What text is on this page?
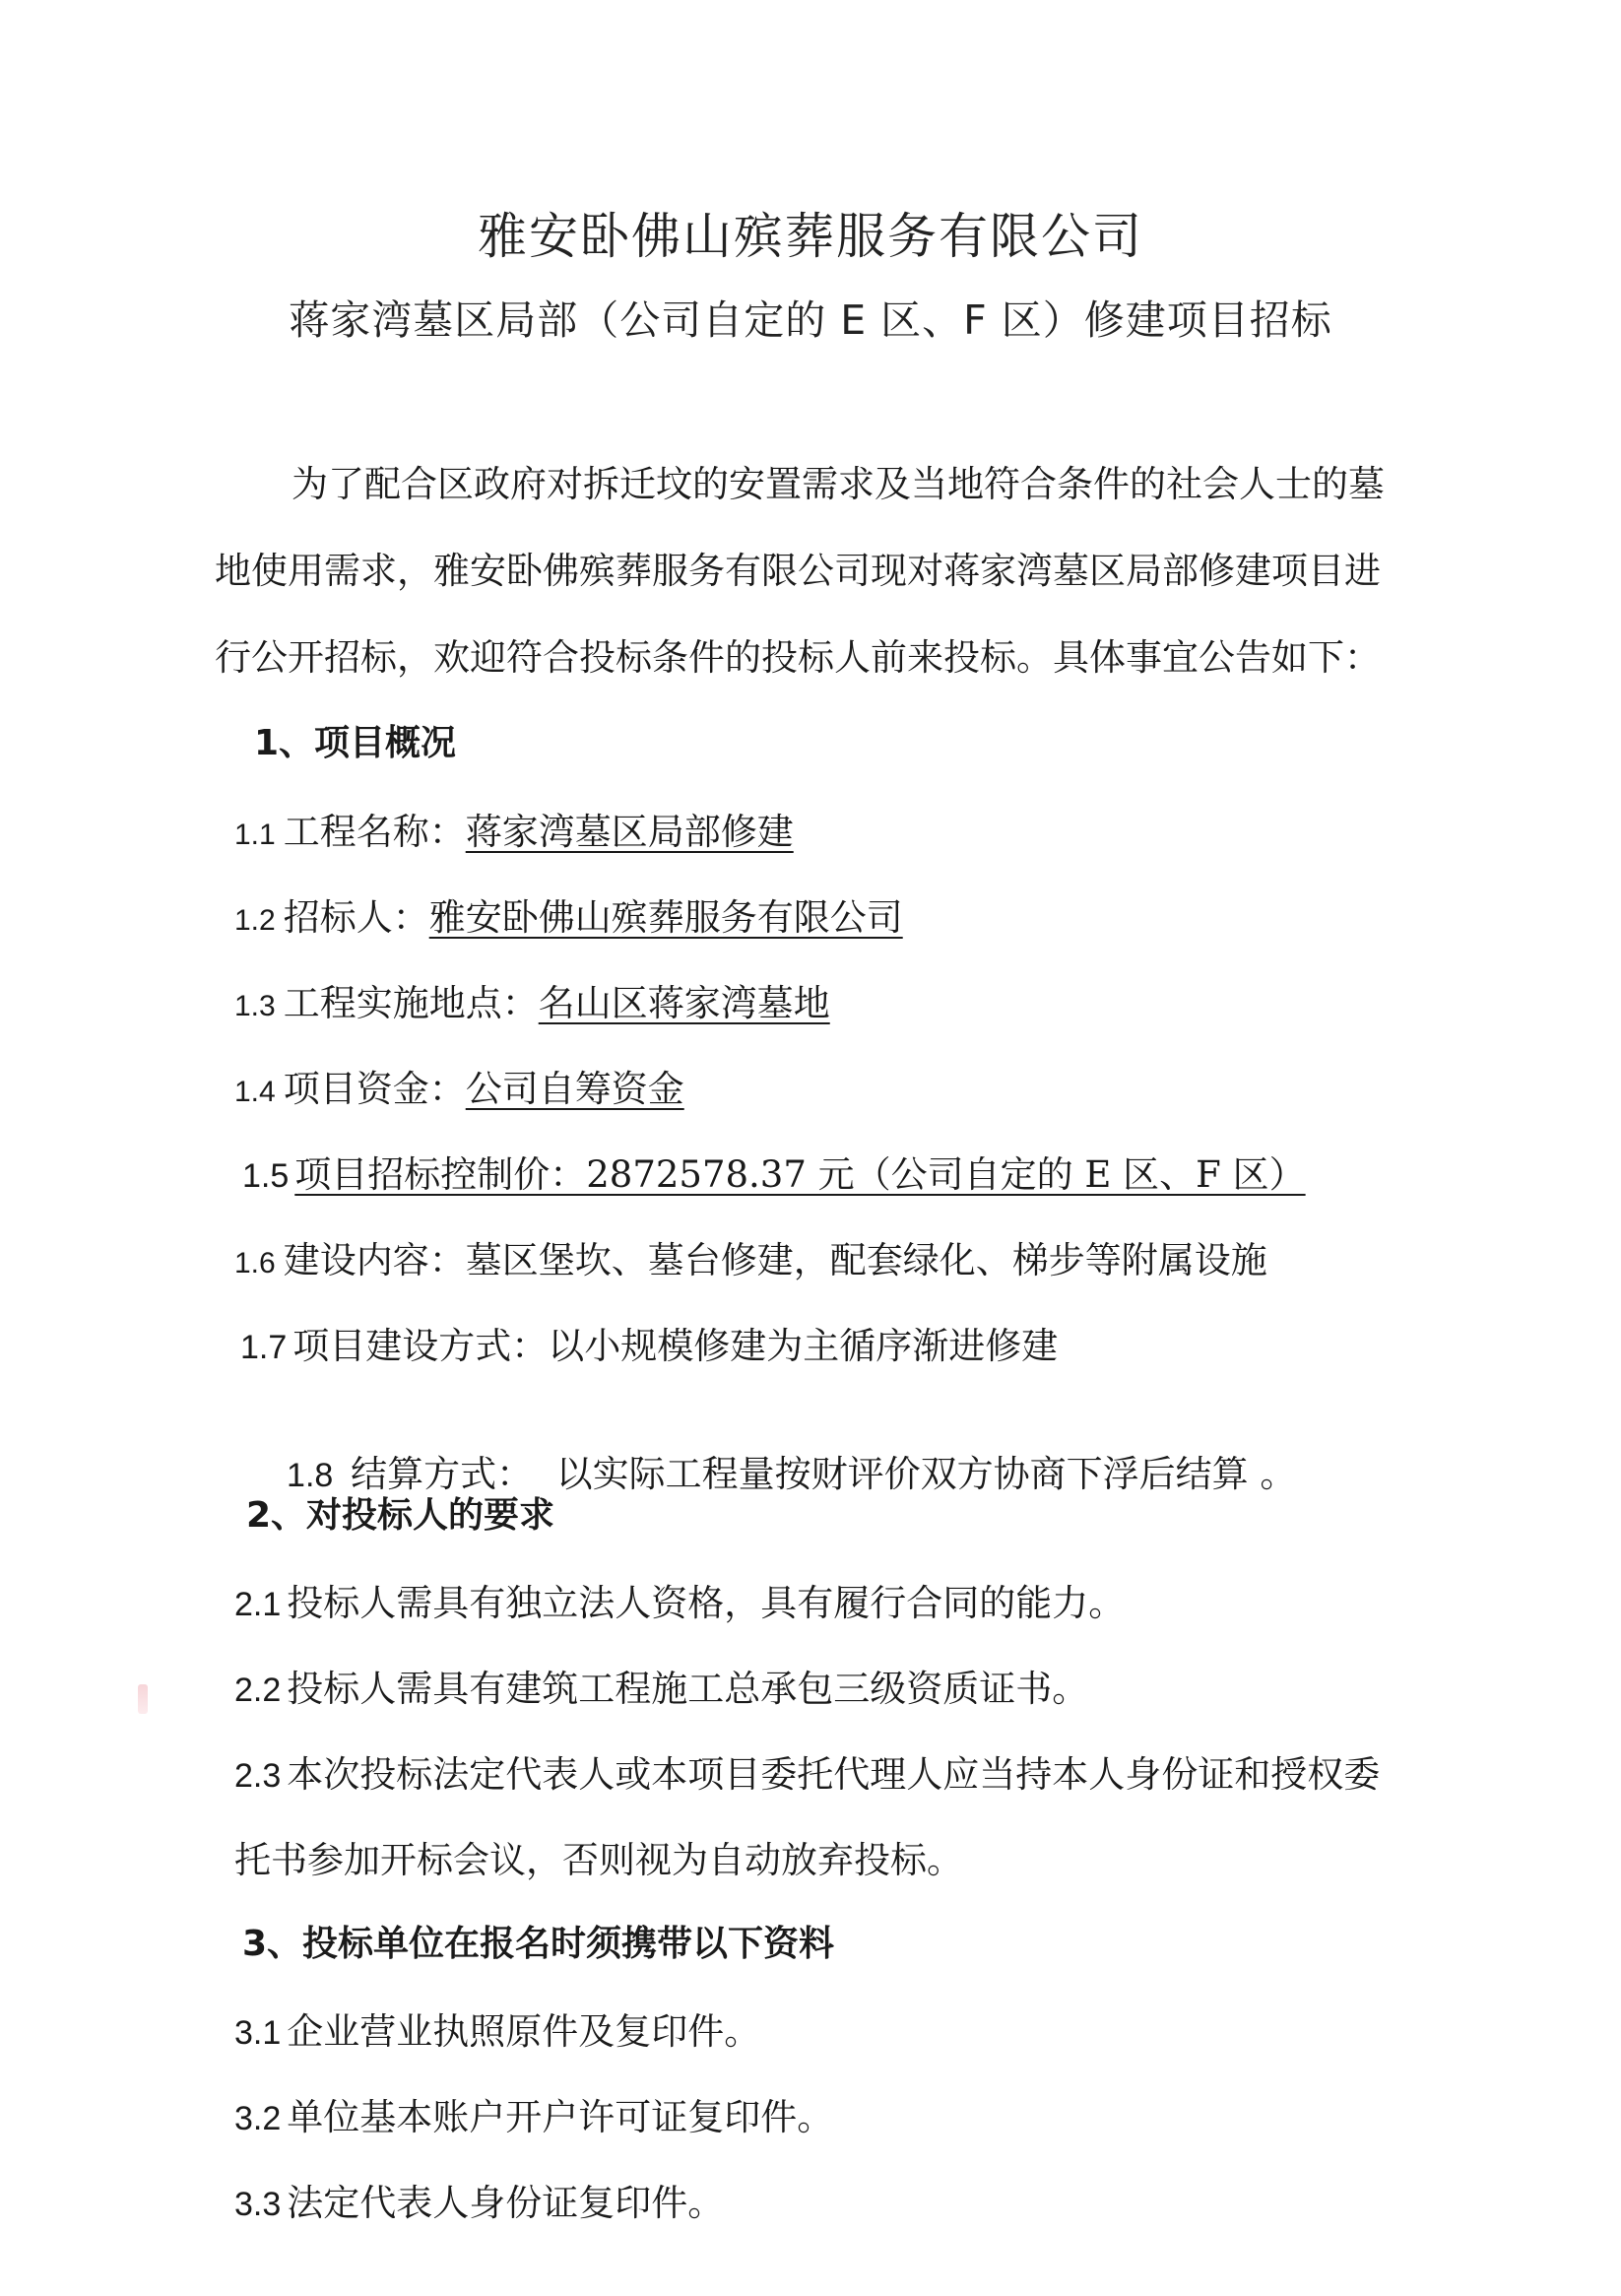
雅安卧佛山殡葬服务有限公司
蒋家湾墓区局部（公司自定的 E 区、F 区）修建项目招标
为了配合区政府对拆迁坟的安置需求及当地符合条件的社会人士的墓
地使用需求，雅安卧佛殡葬服务有限公司现对蒋家湾墓区局部修建项目进
行公开招标，欢迎符合投标条件的投标人前来投标。具体事宜公告如下：
1、项目概况
1.1 工程名称：蒋家湾墓区局部修建
1.2 招标人：雅安卧佛山殡葬服务有限公司
1.3 工程实施地点：名山区蒋家湾墓地
1.4 项目资金：公司自筹资金
1.5 项目招标控制价：2872578.37 元（公司自定的 E 区、F 区）
1.6 建设内容：墓区堡坎、墓台修建，配套绿化、梯步等附属设施
1.7 项目建设方式：以小规模修建为主循序渐进修建

1.8 结算方式：  以实际工程量按财评价双方协商下浮后结算 。

2、对投标人的要求
2.1 投标人需具有独立法人资格，具有履行合同的能力。
2.2 投标人需具有建筑工程施工总承包三级资质证书。
2.3 本次投标法定代表人或本项目委托代理人应当持本人身份证和授权委
托书参加开标会议，否则视为自动放弃投标。
3、投标单位在报名时须携带以下资料
3.1 企业营业执照原件及复印件。
3.2 单位基本账户开户许可证复印件。
3.3 法定代表人身份证复印件。
